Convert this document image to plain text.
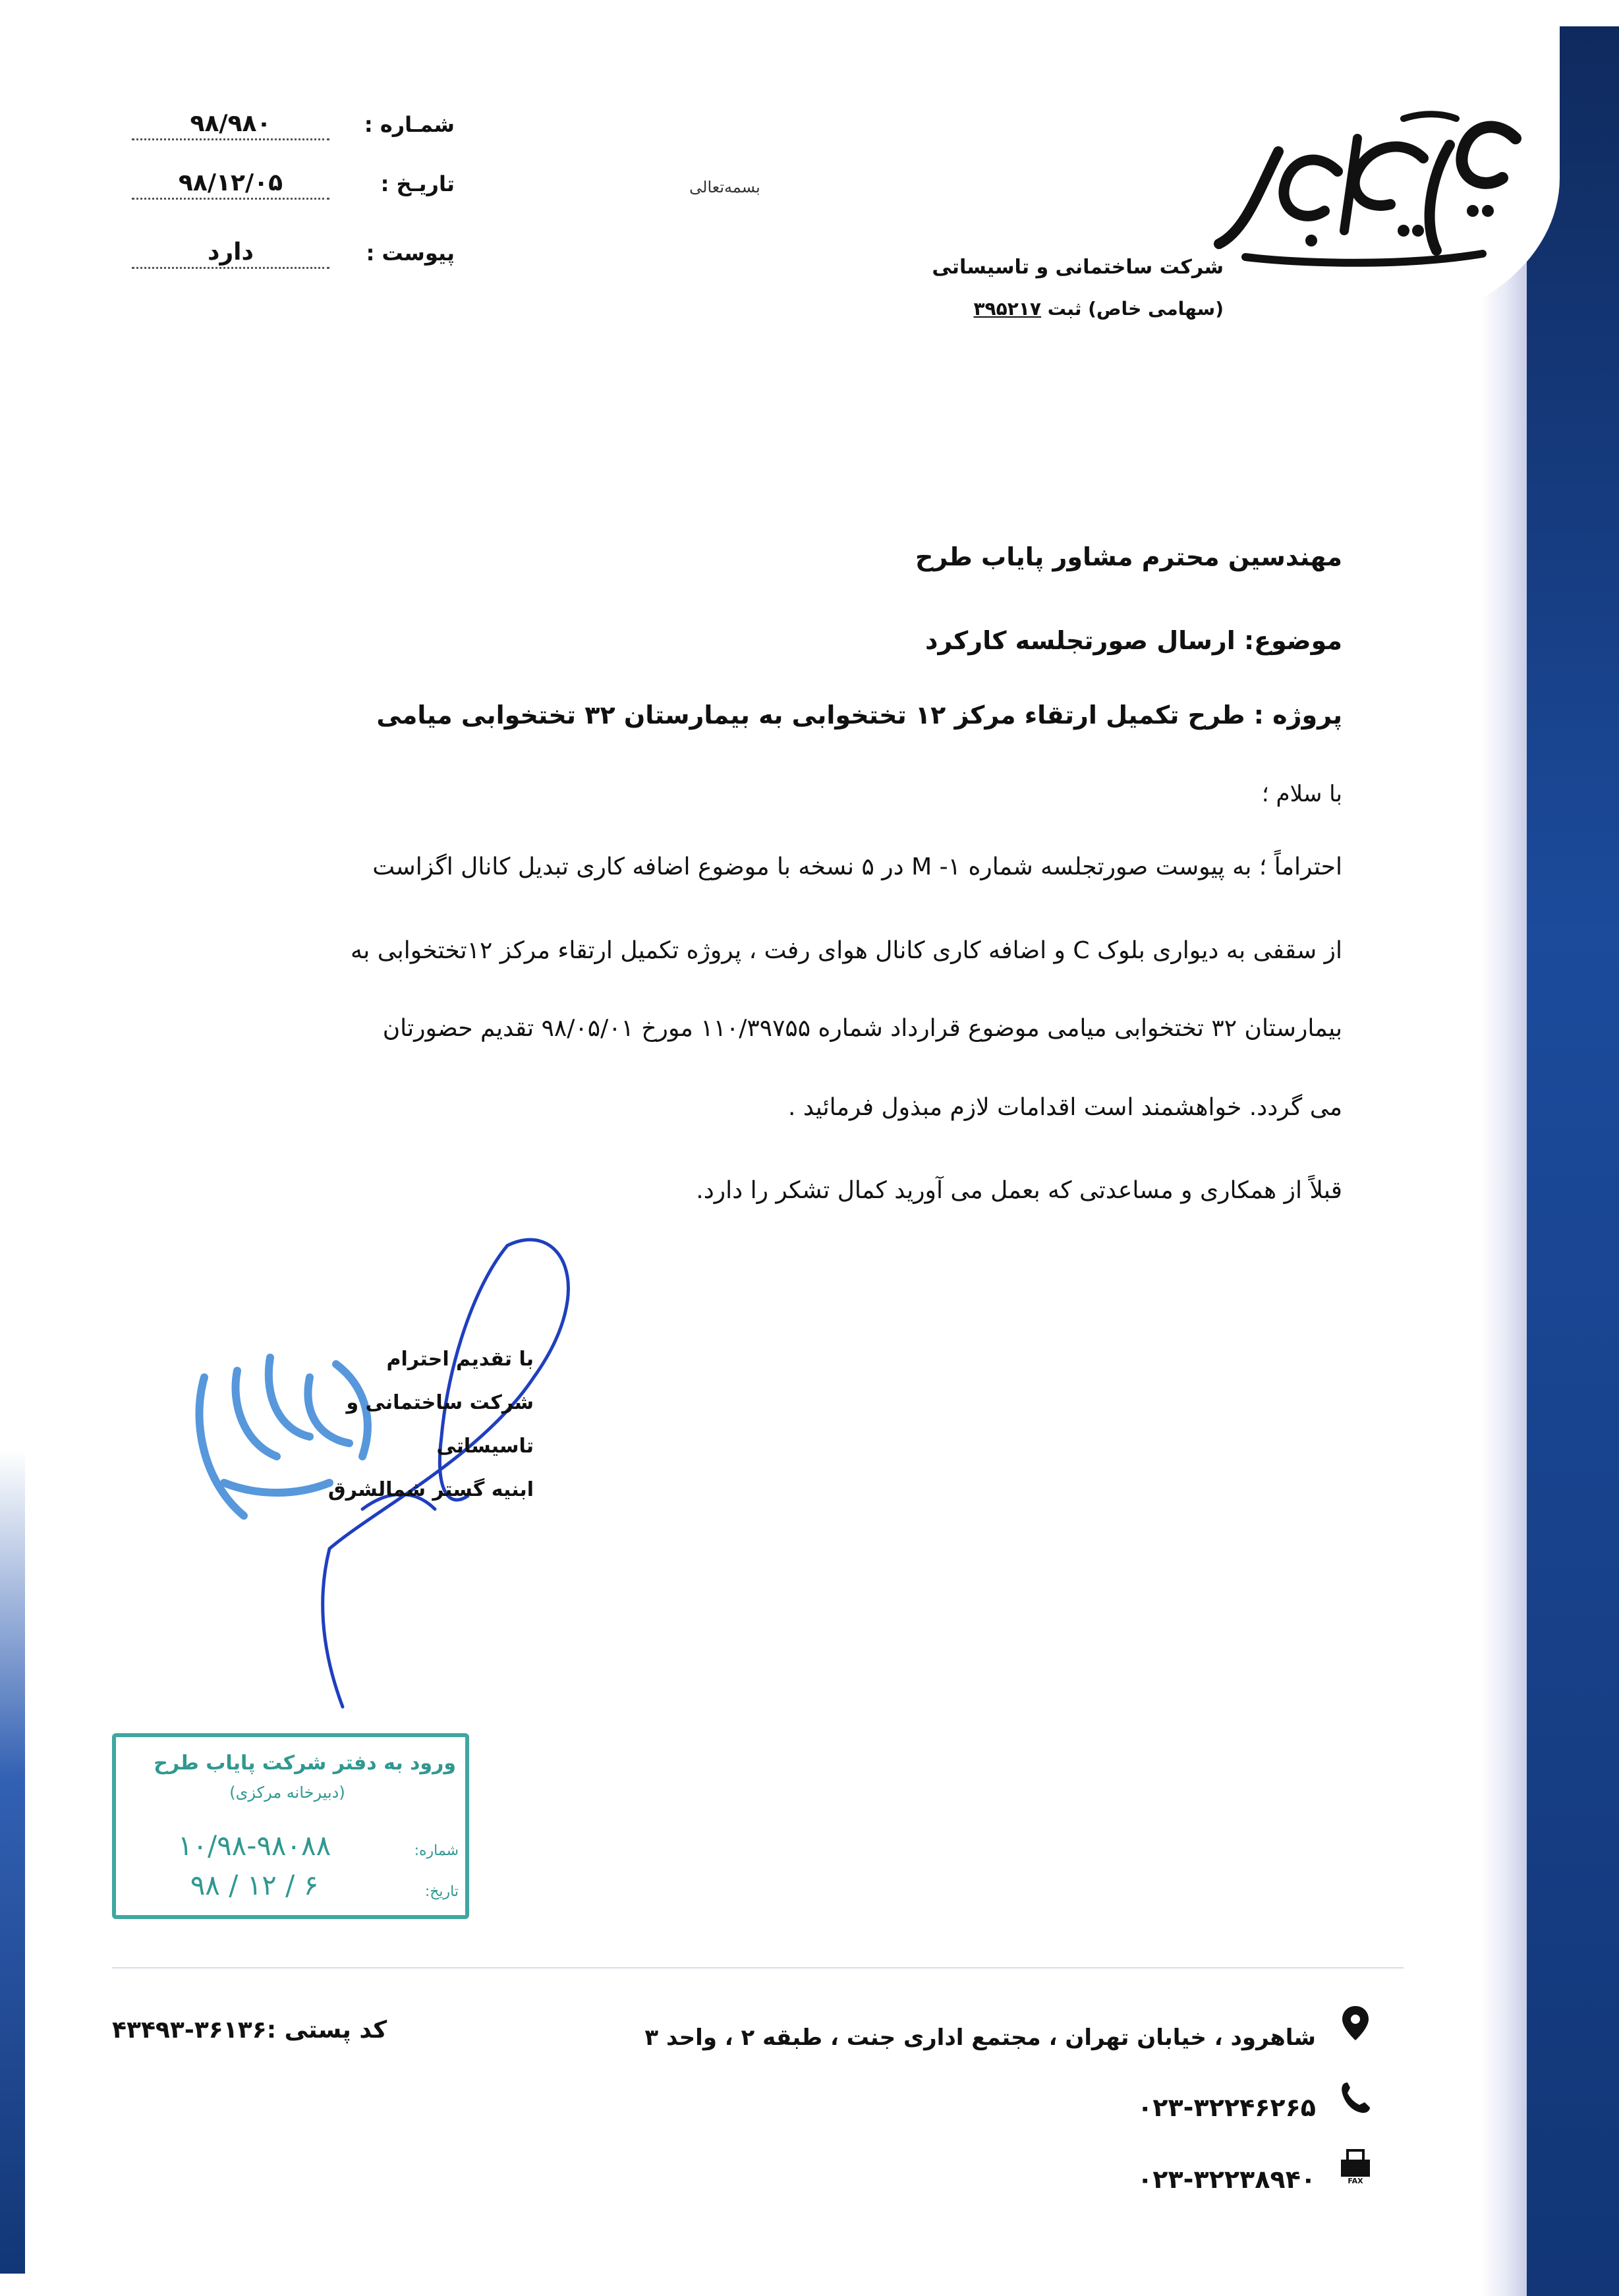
شرکت ساختمانی و تاسیساتی
(سهامی خاص) ثبت ۳۹۵۲۱۷
بسمه‌تعالی
شمـاره :
۹۸/۹۸۰
تاریـخ :
۹۸/۱۲/۰۵
پیوست :
دارد
مهندسین محترم مشاور پایاب طرح
موضوع: ارسال صورتجلسه کارکرد
پروژه : طرح تکمیل ارتقاء مرکز ۱۲ تختخوابی به بیمارستان ۳۲ تختخوابی میامی
با سلام ؛
احتراماً ؛ به پیوست صورتجلسه شماره ۱- M در ۵ نسخه با موضوع اضافه کاری تبدیل کانال اگزاست
از سقفی به دیواری بلوک C و اضافه کاری کانال هوای رفت ، پروژه تکمیل ارتقاء مرکز ۱۲تختخوابی به
بیمارستان ۳۲ تختخوابی میامی موضوع قرارداد شماره ۱۱۰/۳۹۷۵۵ مورخ ۹۸/۰۵/۰۱ تقدیم حضورتان
می گردد. خواهشمند است اقدامات لازم مبذول فرمائید .
قبلاً از همکاری و مساعدتی که بعمل می آورید کمال تشکر را دارد.
با تقدیم احترام
شرکت ساختمانی و تاسیساتی
ابنیه گستر شمالشرق
ورود به دفتر شرکت پایاب طرح
(دبیرخانه مرکزی)
شماره:
۱۰/۹۸-۹۸۰۸۸
تاریخ:
۹۸ / ۱۲ / ۶
کد پستی :۳۶۱۳۶-۴۳۴۹۳	شاهرود ، خیابان تهران ، مجتمع اداری جنت ، طبقه ۲ ، واحد ۳
۰۲۳-۳۲۲۴۶۲۶۵
۰۲۳-۳۲۲۳۸۹۴۰	FAX
